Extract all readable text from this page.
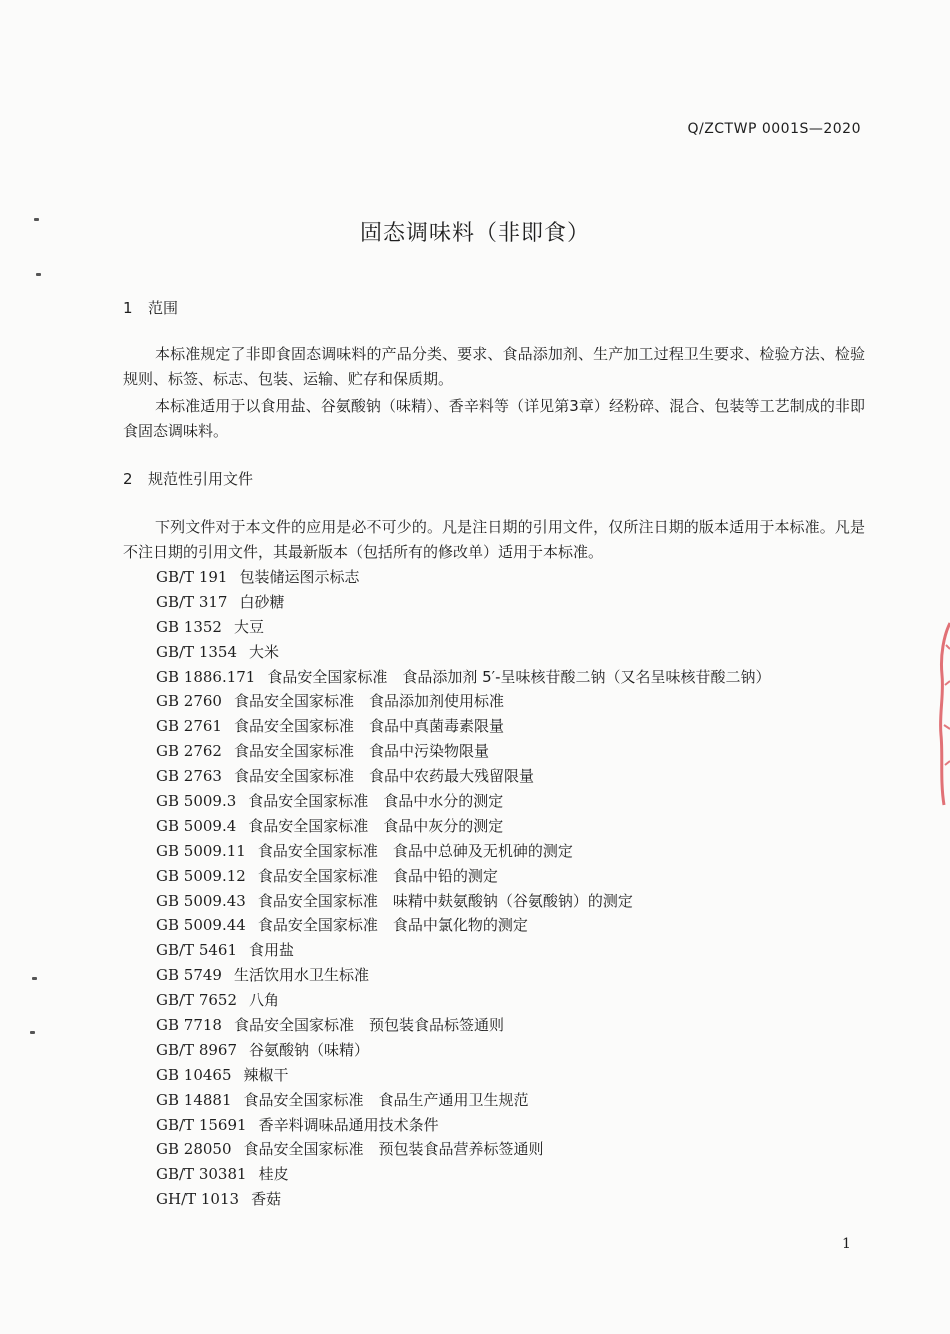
Q/ZCTWP 0001S—2020
固态调味料（非即食）
1 范围

本标准规定了非即食固态调味料的产品分类、要求、食品添加剂、生产加工过程卫生要求、检验方法、检验规则、标签、标志、包装、运输、贮存和保质期。

本标准适用于以食用盐、谷氨酸钠（味精）、香辛料等（详见第3章）经粉碎、混合、包装等工艺制成的非即食固态调味料。

2 规范性引用文件

下列文件对于本文件的应用是必不可少的。凡是注日期的引用文件，仅所注日期的版本适用于本标准。凡是不注日期的引用文件，其最新版本（包括所有的修改单）适用于本标准。

GB/T 191 包装储运图示标志
GB/T 317 白砂糖
GB 1352 大豆
GB/T 1354 大米
GB 1886.171 食品安全国家标准　食品添加剂 5′-呈味核苷酸二钠（又名呈味核苷酸二钠）
GB 2760 食品安全国家标准　食品添加剂使用标准
GB 2761 食品安全国家标准　食品中真菌毒素限量
GB 2762 食品安全国家标准　食品中污染物限量
GB 2763 食品安全国家标准　食品中农药最大残留限量
GB 5009.3 食品安全国家标准　食品中水分的测定
GB 5009.4 食品安全国家标准　食品中灰分的测定
GB 5009.11 食品安全国家标准　食品中总砷及无机砷的测定
GB 5009.12 食品安全国家标准　食品中铅的测定
GB 5009.43 食品安全国家标准　味精中麸氨酸钠（谷氨酸钠）的测定
GB 5009.44 食品安全国家标准　食品中氯化物的测定
GB/T 5461 食用盐
GB 5749 生活饮用水卫生标准
GB/T 7652 八角
GB 7718 食品安全国家标准　预包装食品标签通则
GB/T 8967 谷氨酸钠（味精）
GB 10465 辣椒干
GB 14881 食品安全国家标准　食品生产通用卫生规范
GB/T 15691 香辛料调味品通用技术条件
GB 28050 食品安全国家标准　预包装食品营养标签通则
GB/T 30381 桂皮
GH/T 1013 香菇
1
